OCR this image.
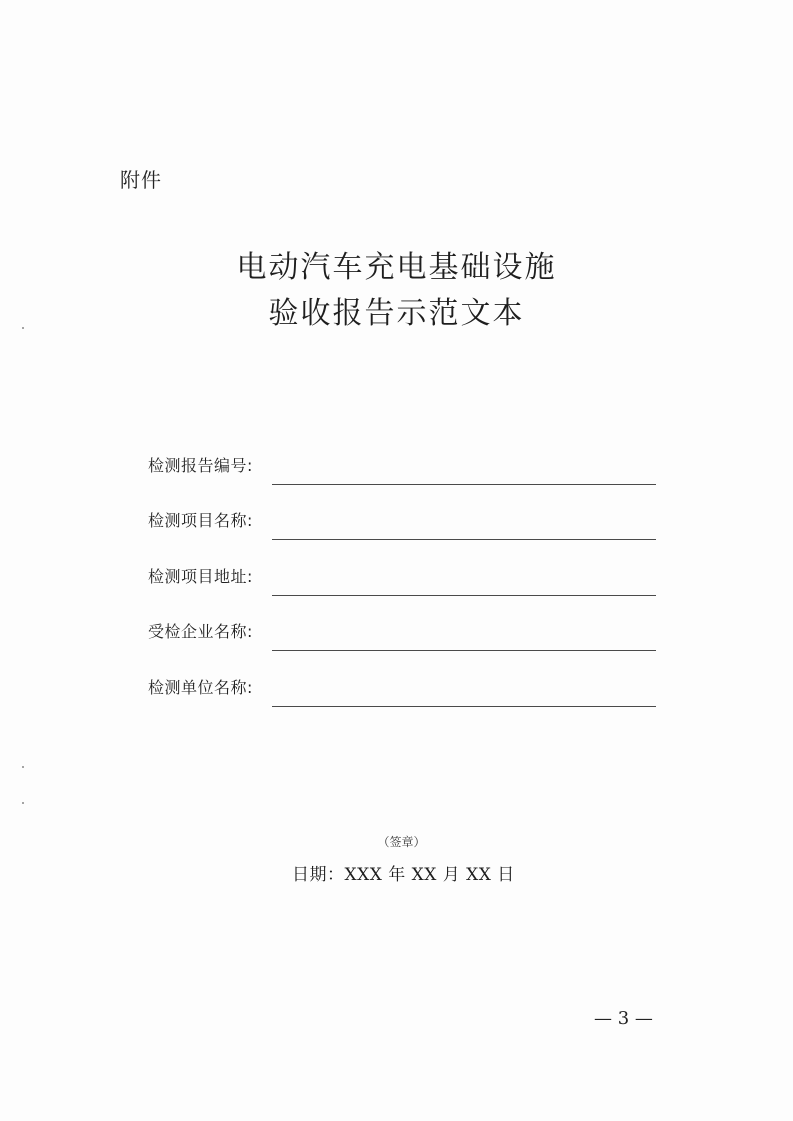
附件
电动汽车充电基础设施
验收报告示范文本
检测报告编号:
检测项目名称:
检测项目地址:
受检企业名称:
检测单位名称:
（签章）
日期：XXX 年 XX 月 XX 日
— 3 —
